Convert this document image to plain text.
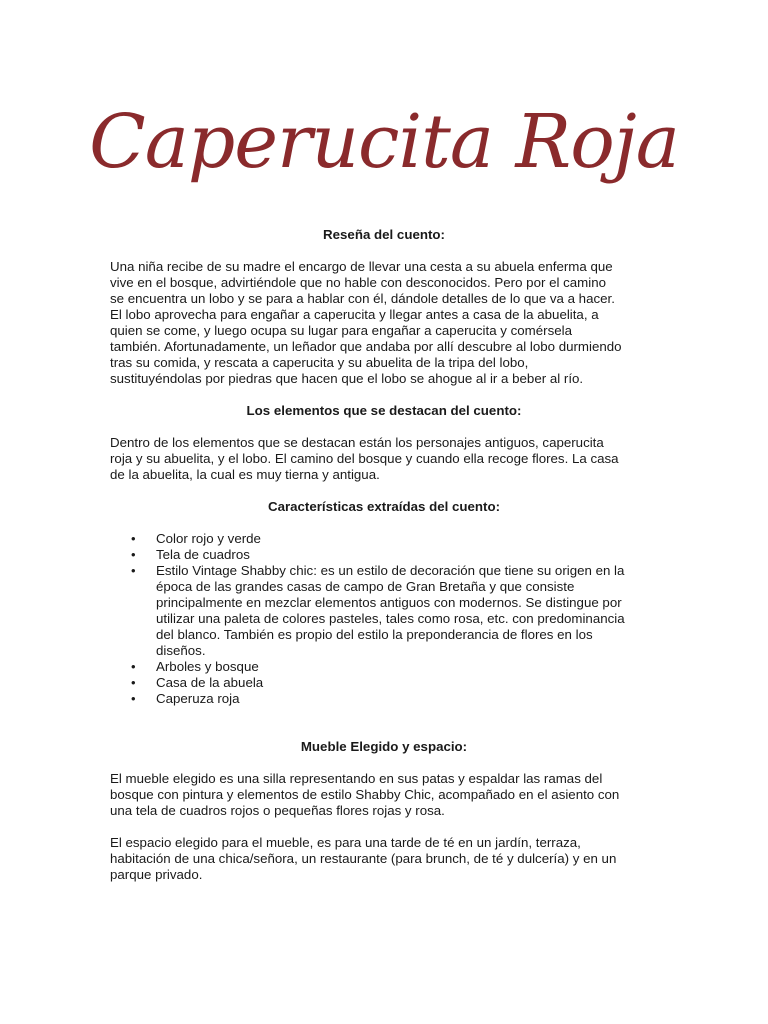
Caperucita Roja

Reseña del cuento:

Una niña recibe de su madre el encargo de llevar una cesta a su abuela enferma que
vive en el bosque, advirtiéndole que no hable con desconocidos. Pero por el camino
se encuentra un lobo y se para a hablar con él, dándole detalles de lo que va a hacer.
El lobo aprovecha para engañar a caperucita y llegar antes a casa de la abuelita, a
quien se come, y luego ocupa su lugar para engañar a caperucita y comérsela
también. Afortunadamente, un leñador que andaba por allí descubre al lobo durmiendo
tras su comida, y rescata a caperucita y su abuelita de la tripa del lobo,
sustituyéndolas por piedras que hacen que el lobo se ahogue al ir a beber al río.

Los elementos que se destacan del cuento:

Dentro de los elementos que se destacan están los personajes antiguos, caperucita
roja y su abuelita, y el lobo. El camino del bosque y cuando ella recoge flores. La casa
de la abuelita, la cual es muy tierna y antigua.

Características extraídas del cuento:

• Color rojo y verde
• Tela de cuadros
• Estilo Vintage Shabby chic: es un estilo de decoración que tiene su origen en la
época de las grandes casas de campo de Gran Bretaña y que consiste
principalmente en mezclar elementos antiguos con modernos. Se distingue por
utilizar una paleta de colores pasteles, tales como rosa, etc. con predominancia
del blanco. También es propio del estilo la preponderancia de flores en los
diseños.
• Arboles y bosque
• Casa de la abuela
• Caperuza roja

Mueble Elegido y espacio:

El mueble elegido es una silla representando en sus patas y espaldar las ramas del
bosque con pintura y elementos de estilo Shabby Chic, acompañado en el asiento con
una tela de cuadros rojos o pequeñas flores rojas y rosa.

El espacio elegido para el mueble, es para una tarde de té en un jardín, terraza,
habitación de una chica/señora, un restaurante (para brunch, de té y dulcería) y en un
parque privado.
